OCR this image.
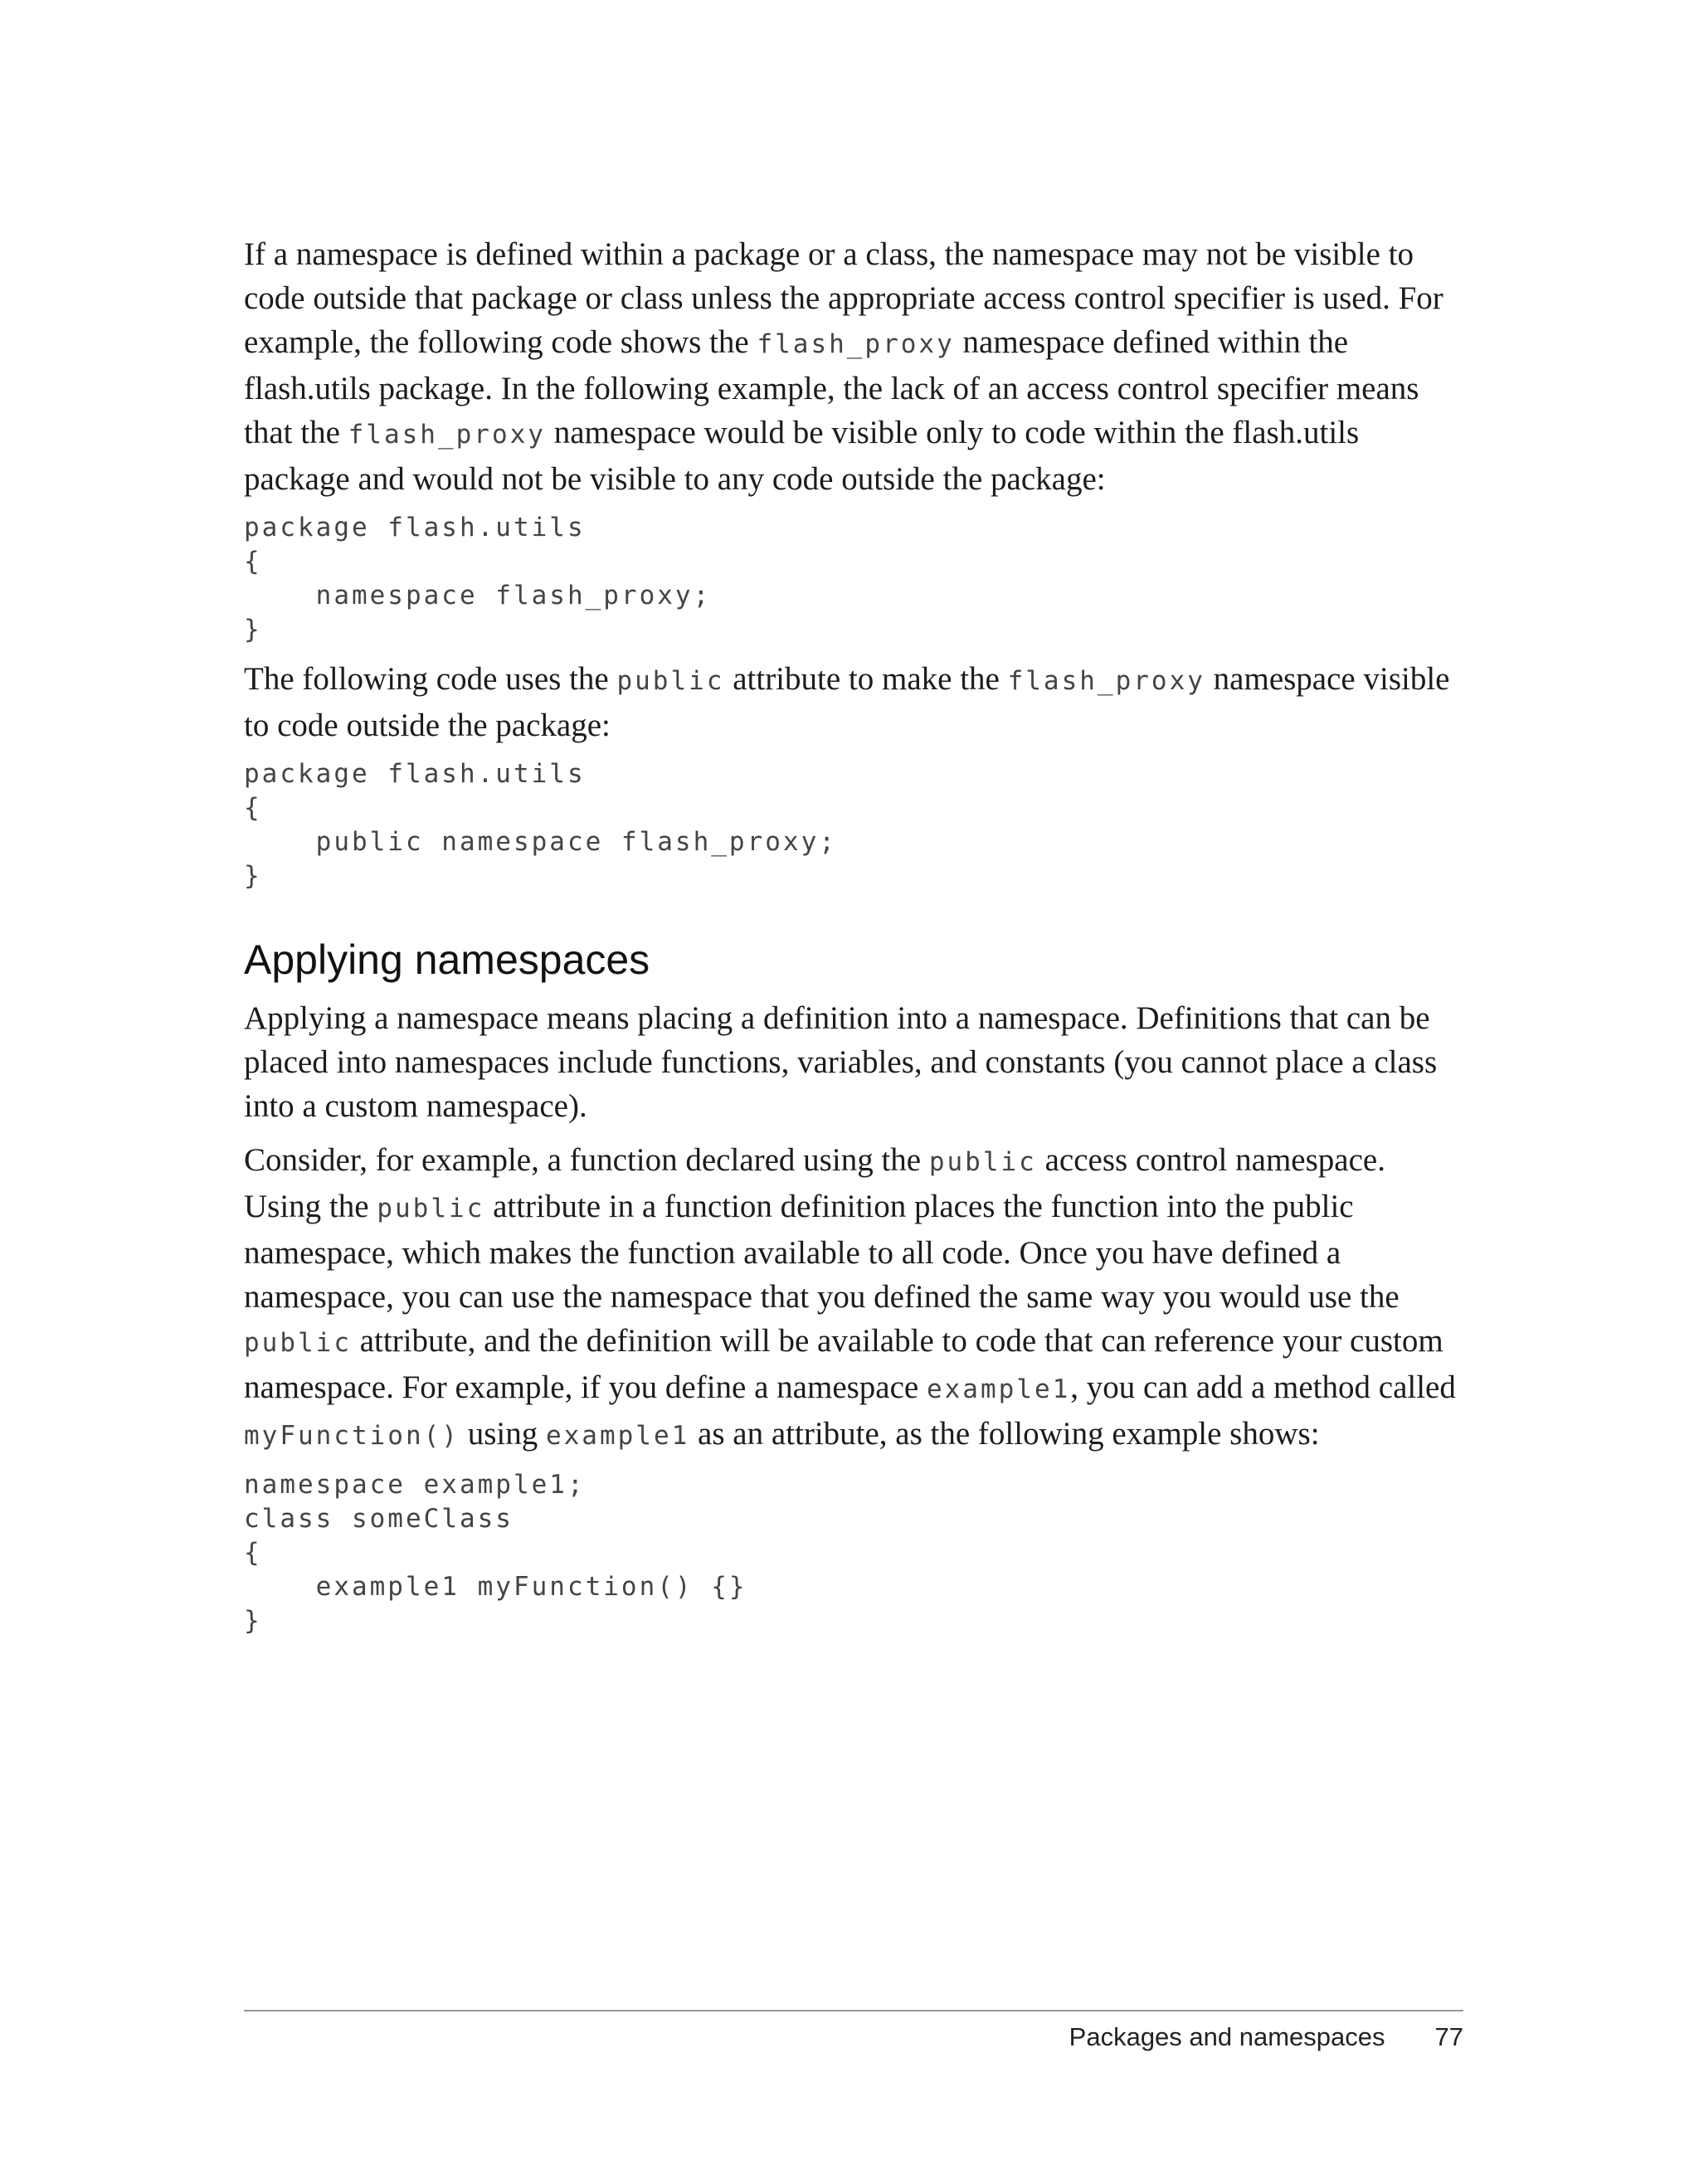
If a namespace is defined within a package or a class, the namespace may not be visible to code outside that package or class unless the appropriate access control specifier is used. For example, the following code shows the flash_proxy namespace defined within the flash.utils package. In the following example, the lack of an access control specifier means that the flash_proxy namespace would be visible only to code within the flash.utils package and would not be visible to any code outside the package:

package flash.utils
{
namespace flash_proxy;
}

The following code uses the public attribute to make the flash_proxy namespace visible to code outside the package:

package flash.utils
{
public namespace flash_proxy;
}
Applying namespaces

Applying a namespace means placing a definition into a namespace. Definitions that can be placed into namespaces include functions, variables, and constants (you cannot place a class into a custom namespace).

Consider, for example, a function declared using the public access control namespace. Using the public attribute in a function definition places the function into the public namespace, which makes the function available to all code. Once you have defined a namespace, you can use the namespace that you defined the same way you would use the public attribute, and the definition will be available to code that can reference your custom namespace. For example, if you define a namespace example1, you can add a method called myFunction() using example1 as an attribute, as the following example shows:

namespace example1;
class someClass
{
example1 myFunction() {}
}
Packages and namespaces 77
